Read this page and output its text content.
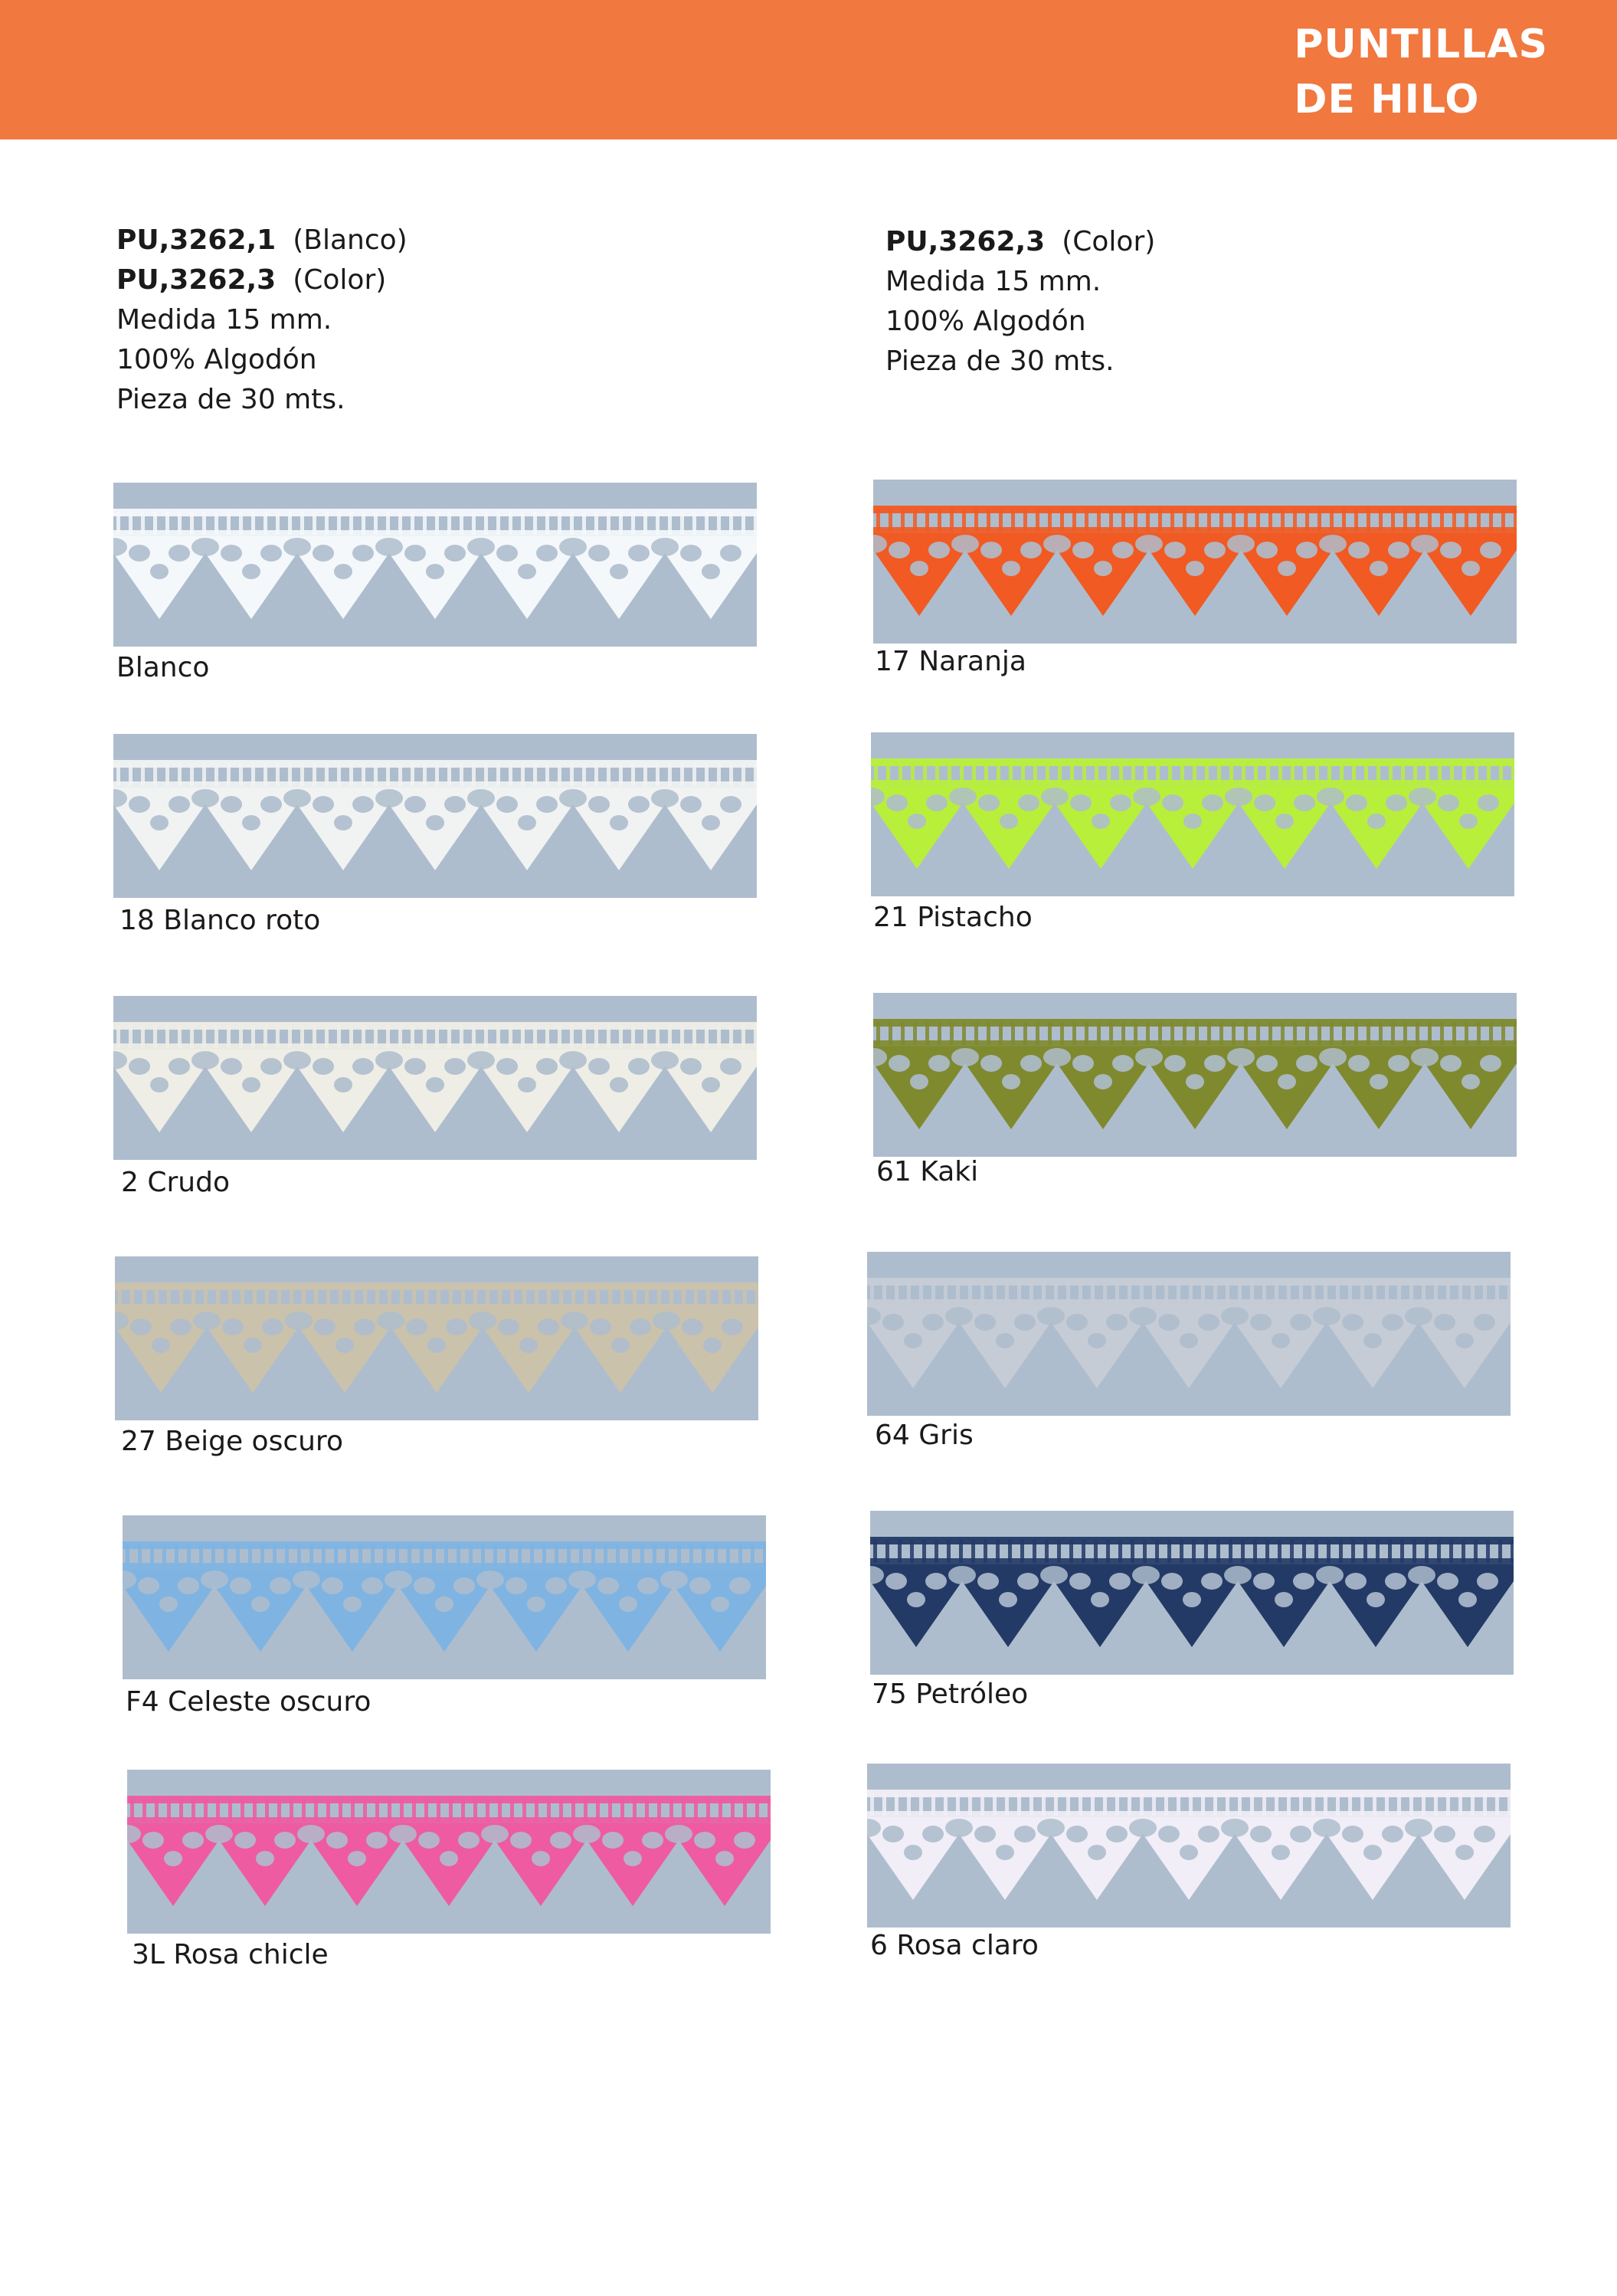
PUNTILLAS
DE HILO
PU,3262,1 (Blanco)
PU,3262,3 (Color)
Medida 15 mm.
100% Algodón
Pieza de 30 mts.
PU,3262,3 (Color)
Medida 15 mm.
100% Algodón
Pieza de 30 mts.
Blanco
18 Blanco roto
2 Crudo
27 Beige oscuro
F4 Celeste oscuro
3L Rosa chicle
17 Naranja
21 Pistacho
61 Kaki
64 Gris
75 Petróleo
6 Rosa claro
